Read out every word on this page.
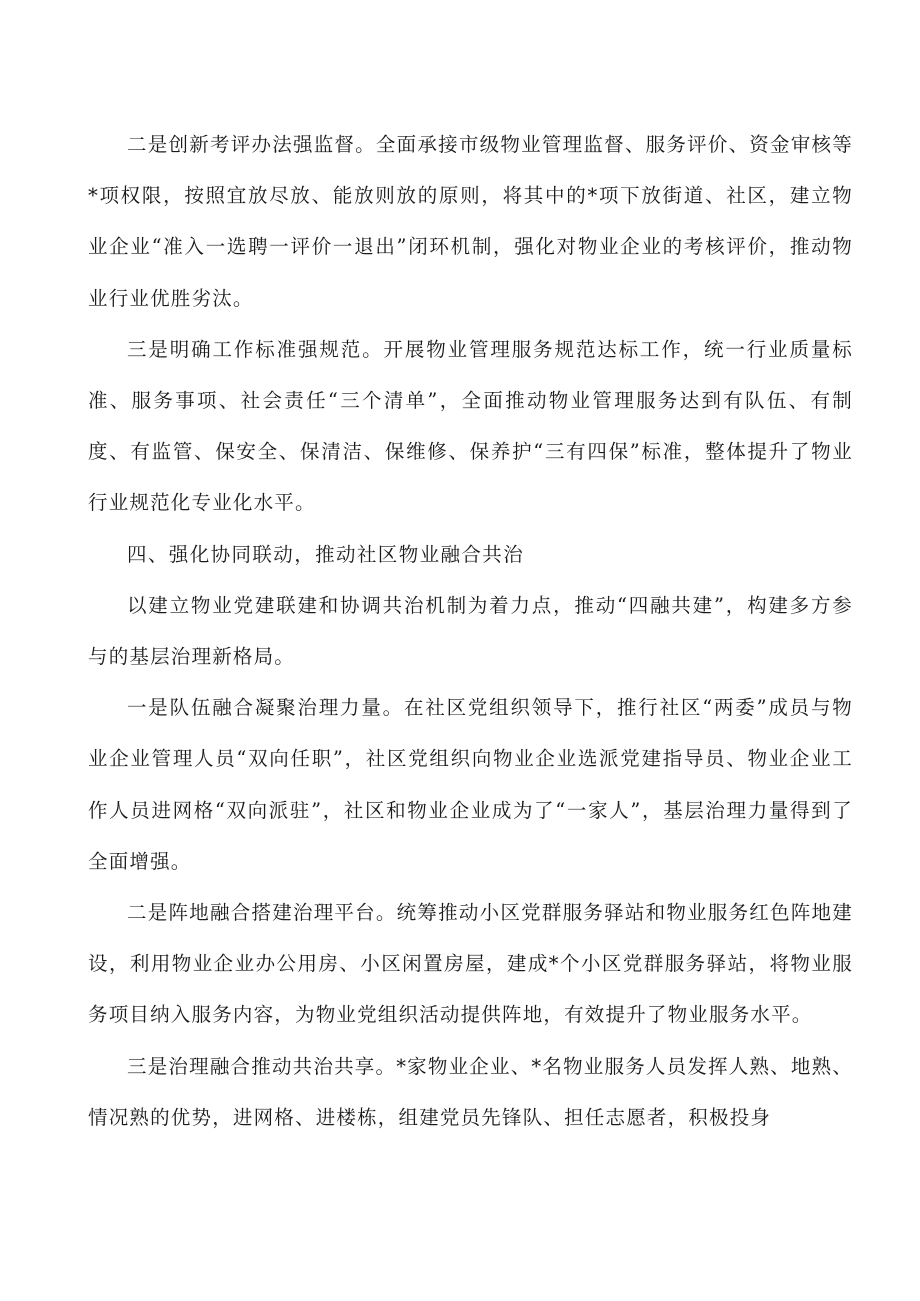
二是创新考评办法强监督。全面承接市级物业管理监督、服务评价、资金审核等*项权限，按照宜放尽放、能放则放的原则，将其中的*项下放街道、社区，建立物业企业“准入一选聘一评价一退出”闭环机制，强化对物业企业的考核评价，推动物业行业优胜劣汰。

三是明确工作标准强规范。开展物业管理服务规范达标工作，统一行业质量标准、服务事项、社会责任“三个清单”，全面推动物业管理服务达到有队伍、有制度、有监管、保安全、保清洁、保维修、保养护“三有四保”标准，整体提升了物业行业规范化专业化水平。

四、强化协同联动，推动社区物业融合共治

以建立物业党建联建和协调共治机制为着力点，推动“四融共建”，构建多方参与的基层治理新格局。

一是队伍融合凝聚治理力量。在社区党组织领导下，推行社区“两委”成员与物业企业管理人员“双向任职”，社区党组织向物业企业选派党建指导员、物业企业工作人员进网格“双向派驻”，社区和物业企业成为了“一家人”，基层治理力量得到了全面增强。

二是阵地融合搭建治理平台。统筹推动小区党群服务驿站和物业服务红色阵地建设，利用物业企业办公用房、小区闲置房屋，建成*个小区党群服务驿站，将物业服务项目纳入服务内容，为物业党组织活动提供阵地，有效提升了物业服务水平。

三是治理融合推动共治共享。*家物业企业、*名物业服务人员发挥人熟、地熟、情况熟的优势，进网格、进楼栋，组建党员先锋队、担任志愿者，积极投身
